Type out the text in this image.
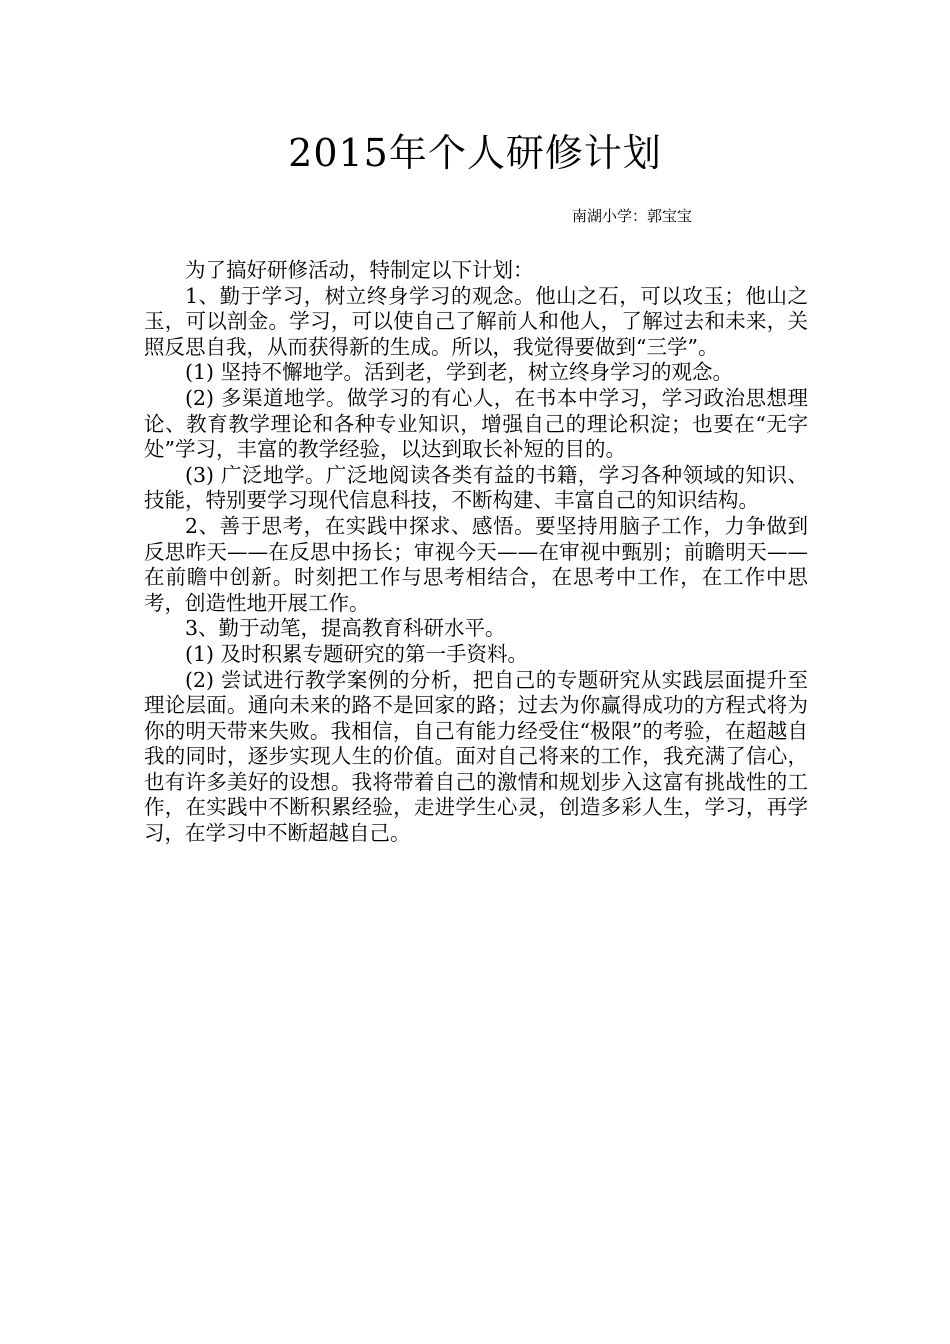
2015年个人研修计划
南湖小学：郭宝宝

为了搞好研修活动，特制定以下计划：

1、勤于学习，树立终身学习的观念。他山之石，可以攻玉；他山之玉，可以剖金。学习，可以使自己了解前人和他人，了解过去和未来，关照反思自我，从而获得新的生成。所以，我觉得要做到“三学”。

(1) 坚持不懈地学。活到老，学到老，树立终身学习的观念。

(2) 多渠道地学。做学习的有心人，在书本中学习，学习政治思想理论、教育教学理论和各种专业知识，增强自己的理论积淀；也要在“无字处”学习，丰富的教学经验，以达到取长补短的目的。

(3) 广泛地学。广泛地阅读各类有益的书籍，学习各种领域的知识、技能，特别要学习现代信息科技，不断构建、丰富自己的知识结构。

2、善于思考，在实践中探求、感悟。要坚持用脑子工作，力争做到反思昨天——在反思中扬长；审视今天——在审视中甄别；前瞻明天——在前瞻中创新。时刻把工作与思考相结合，在思考中工作，在工作中思考，创造性地开展工作。

3、勤于动笔，提高教育科研水平。

(1) 及时积累专题研究的第一手资料。

(2) 尝试进行教学案例的分析，把自己的专题研究从实践层面提升至理论层面。通向未来的路不是回家的路；过去为你赢得成功的方程式将为你的明天带来失败。我相信，自己有能力经受住“极限”的考验，在超越自我的同时，逐步实现人生的价值。面对自己将来的工作，我充满了信心，也有许多美好的设想。我将带着自己的激情和规划步入这富有挑战性的工作，在实践中不断积累经验，走进学生心灵，创造多彩人生，学习，再学习，在学习中不断超越自己。
